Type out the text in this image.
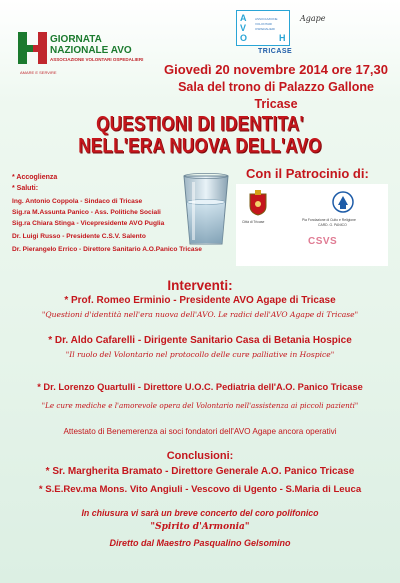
GIORNATA
NAZIONALE AVO
ASSOCIAZIONE VOLONTARI OSPEDALIERI
AMARE E SERVIRE
A
V
O	H
ASSOCIAZIONE
VOLONTARI
OSPEDALIERI
TRICASE
Agape
Giovedì 20 novembre 2014 ore 17,30
Sala del trono di Palazzo Gallone
Tricase
QUESTIONI DI IDENTITA'
NELL'ERA NUOVA DELL'AVO
* Accoglienza
* Saluti:
Ing. Antonio Coppola - Sindaco di Tricase
Sig.ra M.Assunta Panico - Ass. Politiche Sociali
Sig.ra Chiara Stinga - Vicepresidente AVO Puglia
Dr. Luigi Russo - Presidente C.S.V. Salento
Dr. Pierangelo Errico - Direttore Sanitario A.O.Panico Tricase
Con il Patrocinio di:
Città di Tricase	Pia Fondazione di Culto e Religione
CARD. G. PANICO
CSVS
Interventi:
* Prof. Romeo Erminio - Presidente AVO Agape di Tricase
"Questioni d'identità nell'era nuova dell'AVO. Le radici dell'AVO Agape di Tricase"
* Dr. Aldo Cafarelli - Dirigente Sanitario Casa di Betania Hospice
"Il ruolo del Volontario nel protocollo delle cure palliative in Hospice"
* Dr. Lorenzo Quartulli - Direttore U.O.C. Pediatria dell'A.O. Panico Tricase
"Le cure mediche e l'amorevole opera del Volontario nell'assistenza ai piccoli pazienti"
Attestato di Benemerenza ai soci fondatori dell'AVO Agape ancora operativi
Conclusioni:
* Sr. Margherita Bramato - Direttore Generale A.O. Panico Tricase
* S.E.Rev.ma Mons. Vito Angiuli - Vescovo di Ugento - S.Maria di Leuca
In chiusura vi sarà un breve concerto del coro polifonico
"Spirito d'Armonia"
Diretto dal Maestro Pasqualino Gelsomino
